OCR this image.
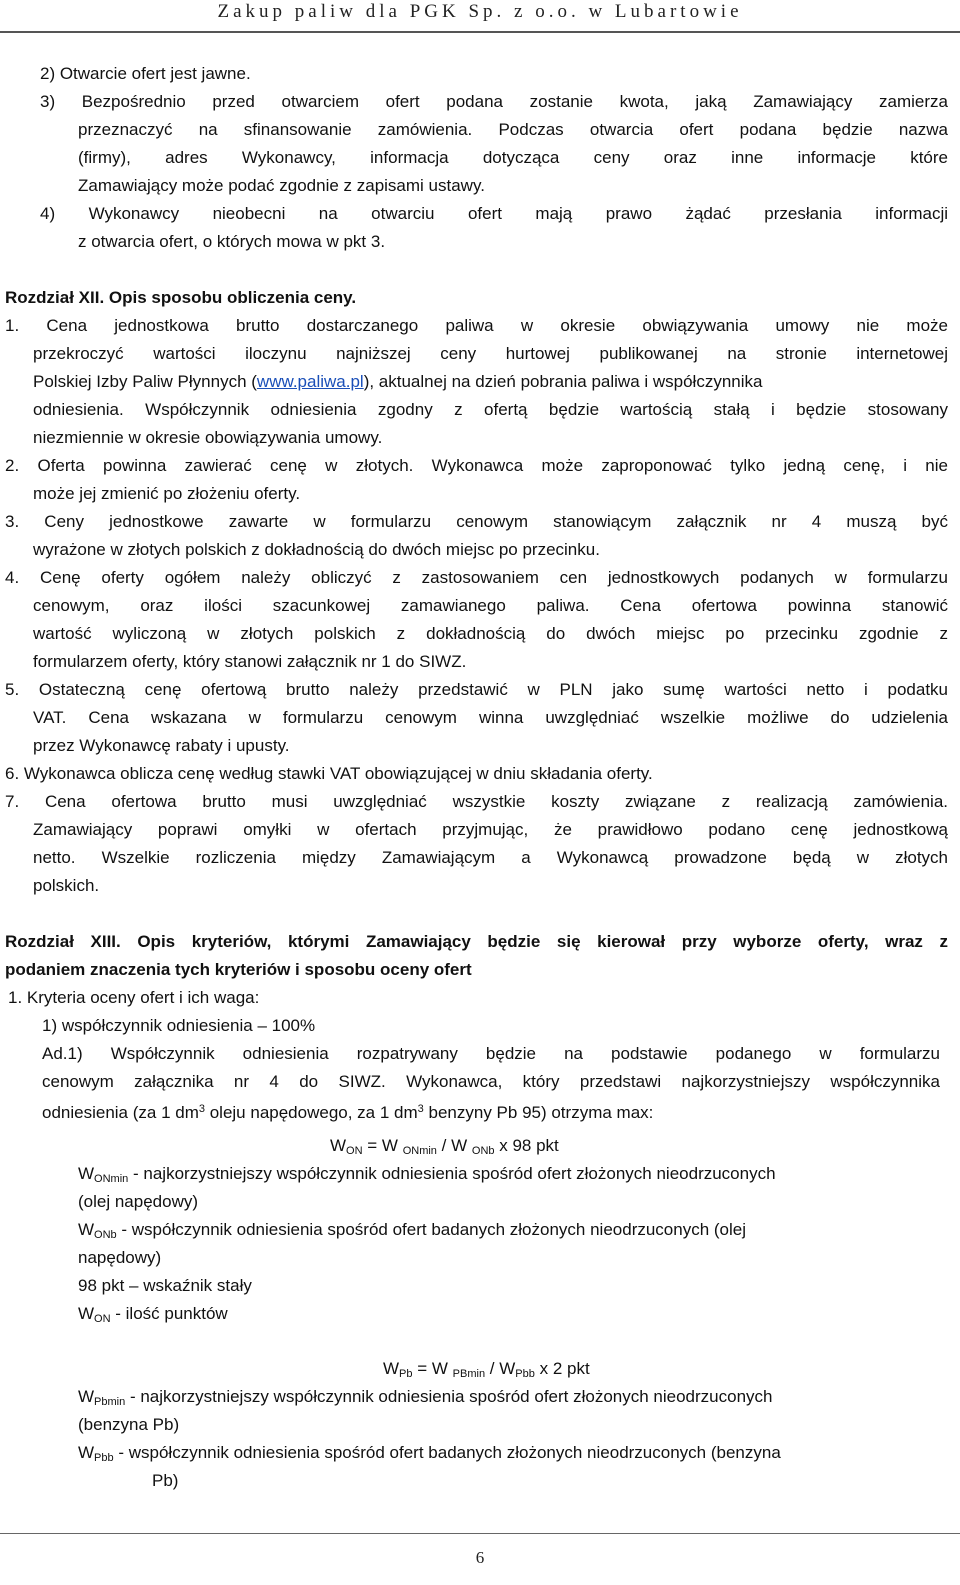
Zakup paliw dla PGK Sp. z o.o. w Lubartowie
2) Otwarcie ofert jest jawne.
3) Bezpośrednio przed otwarciem ofert podana zostanie kwota, jaką Zamawiający zamierza
przeznaczyć na sfinansowanie zamówienia. Podczas otwarcia ofert podana będzie nazwa
(firmy), adres Wykonawcy, informacja dotycząca ceny oraz inne informacje które
Zamawiający może podać zgodnie z zapisami ustawy.
4) Wykonawcy nieobecni na otwarciu ofert mają prawo żądać przesłania informacji
z otwarcia ofert, o których mowa w pkt 3.
Rozdział XII. Opis sposobu obliczenia ceny.
1. Cena jednostkowa brutto dostarczanego paliwa w okresie obwiązywania umowy nie może
przekroczyć wartości iloczynu najniższej ceny hurtowej publikowanej na stronie internetowej
Polskiej Izby Paliw Płynnych (www.paliwa.pl), aktualnej na dzień pobrania paliwa i współczynnika
odniesienia. Współczynnik odniesienia zgodny z ofertą będzie wartością stałą i będzie stosowany
niezmiennie w okresie obowiązywania umowy.
2. Oferta powinna zawierać cenę w złotych. Wykonawca może zaproponować tylko jedną cenę, i nie
może jej zmienić po złożeniu oferty.
3. Ceny jednostkowe zawarte w formularzu cenowym stanowiącym załącznik nr 4 muszą być
wyrażone w złotych polskich z dokładnością do dwóch miejsc po przecinku.
4. Cenę oferty ogółem należy obliczyć z zastosowaniem cen jednostkowych podanych w formularzu
cenowym, oraz ilości szacunkowej zamawianego paliwa. Cena ofertowa powinna stanowić
wartość wyliczoną w złotych polskich z dokładnością do dwóch miejsc po przecinku zgodnie z
formularzem oferty, który stanowi załącznik nr 1 do SIWZ.
5. Ostateczną cenę ofertową brutto należy przedstawić w PLN jako sumę wartości netto i podatku
VAT. Cena wskazana w formularzu cenowym winna uwzględniać wszelkie możliwe do udzielenia
przez Wykonawcę rabaty i upusty.
6. Wykonawca oblicza cenę według stawki VAT obowiązującej w dniu składania oferty.
7. Cena ofertowa brutto musi uwzględniać wszystkie koszty związane z realizacją zamówienia.
Zamawiający poprawi omyłki w ofertach przyjmując, że prawidłowo podano cenę jednostkową
netto. Wszelkie rozliczenia między Zamawiającym a Wykonawcą prowadzone będą w złotych
polskich.
Rozdział XIII. Opis kryteriów, którymi Zamawiający będzie się kierował przy wyborze oferty, wraz z
podaniem znaczenia tych kryteriów i sposobu oceny ofert
1. Kryteria oceny ofert i ich waga:
1) współczynnik odniesienia – 100%
Ad.1) Współczynnik odniesienia rozpatrywany będzie na podstawie podanego w formularzu
cenowym załącznika nr 4 do SIWZ. Wykonawca, który przedstawi najkorzystniejszy współczynnika
odniesienia (za 1 $dm^3$ oleju napędowego, za 1 $dm^3$ benzyny Pb 95) otrzyma max:
$W_{ON} = W$ $_{ONmin}$ / W $_{ONb}$ x 98 pkt
$W_{ONmin}$ - najkorzystniejszy współczynnik odniesienia spośród ofert złożonych nieodrzuconych
(olej napędowy)
$W_{ONb}$ - współczynnik odniesienia spośród ofert badanych złożonych nieodrzuconych (olej
napędowy)
98 pkt – wskaźnik stały
$W_{ON}$ - ilość punktów
$W_{Pb} = W$ $_{PBmin} / W_{Pbb}$ x 2 pkt
$W_{Pbmin}$ - najkorzystniejszy współczynnik odniesienia spośród ofert złożonych nieodrzuconych
(benzyna Pb)
$W_{Pbb}$ - współczynnik odniesienia spośród ofert badanych złożonych nieodrzuconych (benzyna
Pb)
6
